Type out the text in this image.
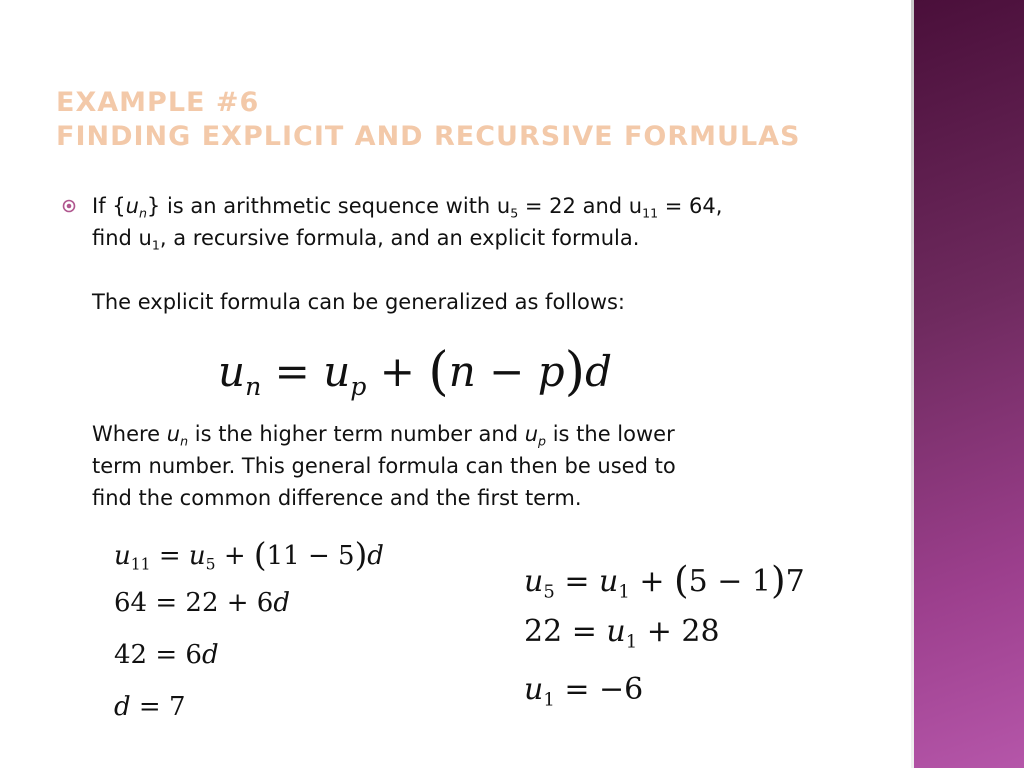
EXAMPLE #6
FINDING EXPLICIT AND RECURSIVE FORMULAS

If $\{u_n\}$ is an arithmetic sequence with $u_5 = 22$ and $u_{11} = 64$,

find $u_1$, a recursive formula, and an explicit formula.

The explicit formula can be generalized as follows:

Where $u_n$ is the higher term number and $u_p$ is the lower

term number. This general formula can then be used to

find the common difference and the first term.

$u_n = u_p + (n - p)d$
$u_{11} = u_5 + (11 - 5)d$
64 = 22 + 6d
42 = 6d
d = 7
$u_5 = u_1 + (5 - 1)7$
$22 = u_1 + 28$
$u_1 = -6$
